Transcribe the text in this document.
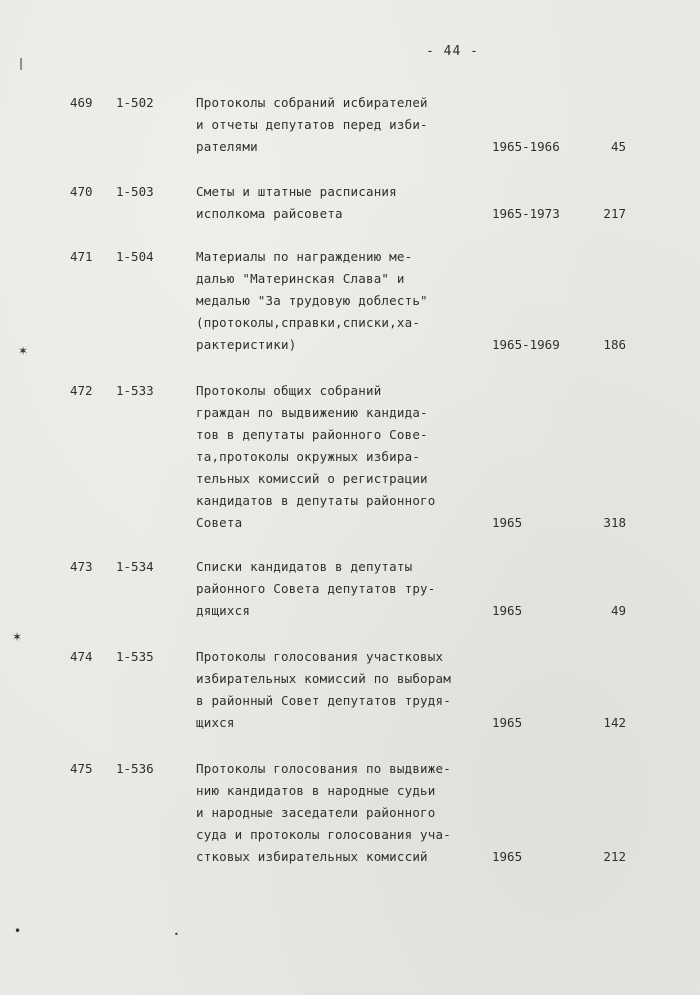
- 44 -
469 1-502	Протоколы собраний исбирателей
и отчеты депутатов перед изби-
рателями	1965-1966	45
470 1-503	Сметы и штатные расписания
исполкома райсовета	1965-1973	217
471 1-504	Материалы по награждению ме-
далью "Материнская Слава" и
медалью "За трудовую доблесть"
(протоколы,справки,списки,ха-
рактеристики)	1965-1969	186
472 1-533	Протоколы общих собраний
граждан по выдвижению кандида-
тов в депутаты районного Сове-
та,протоколы окружных избира-
тельных комиссий о регистрации
кандидатов в депутаты районного
Совета	1965	318
473 1-534	Списки кандидатов в депутаты
районного Совета депутатов тру-
дящихся	1965	49
474 1-535	Протоколы голосования участковых
избирательных комиссий по выборам
в районный Совет депутатов трудя-
щихся	1965	142
475 1-536	Протоколы голосования по выдвиже-
нию кандидатов в народные судьи
и народные заседатели районного
суда и протоколы голосования уча-
стковых избирательных комиссий	1965	212
❘
✶
✶
•	•
